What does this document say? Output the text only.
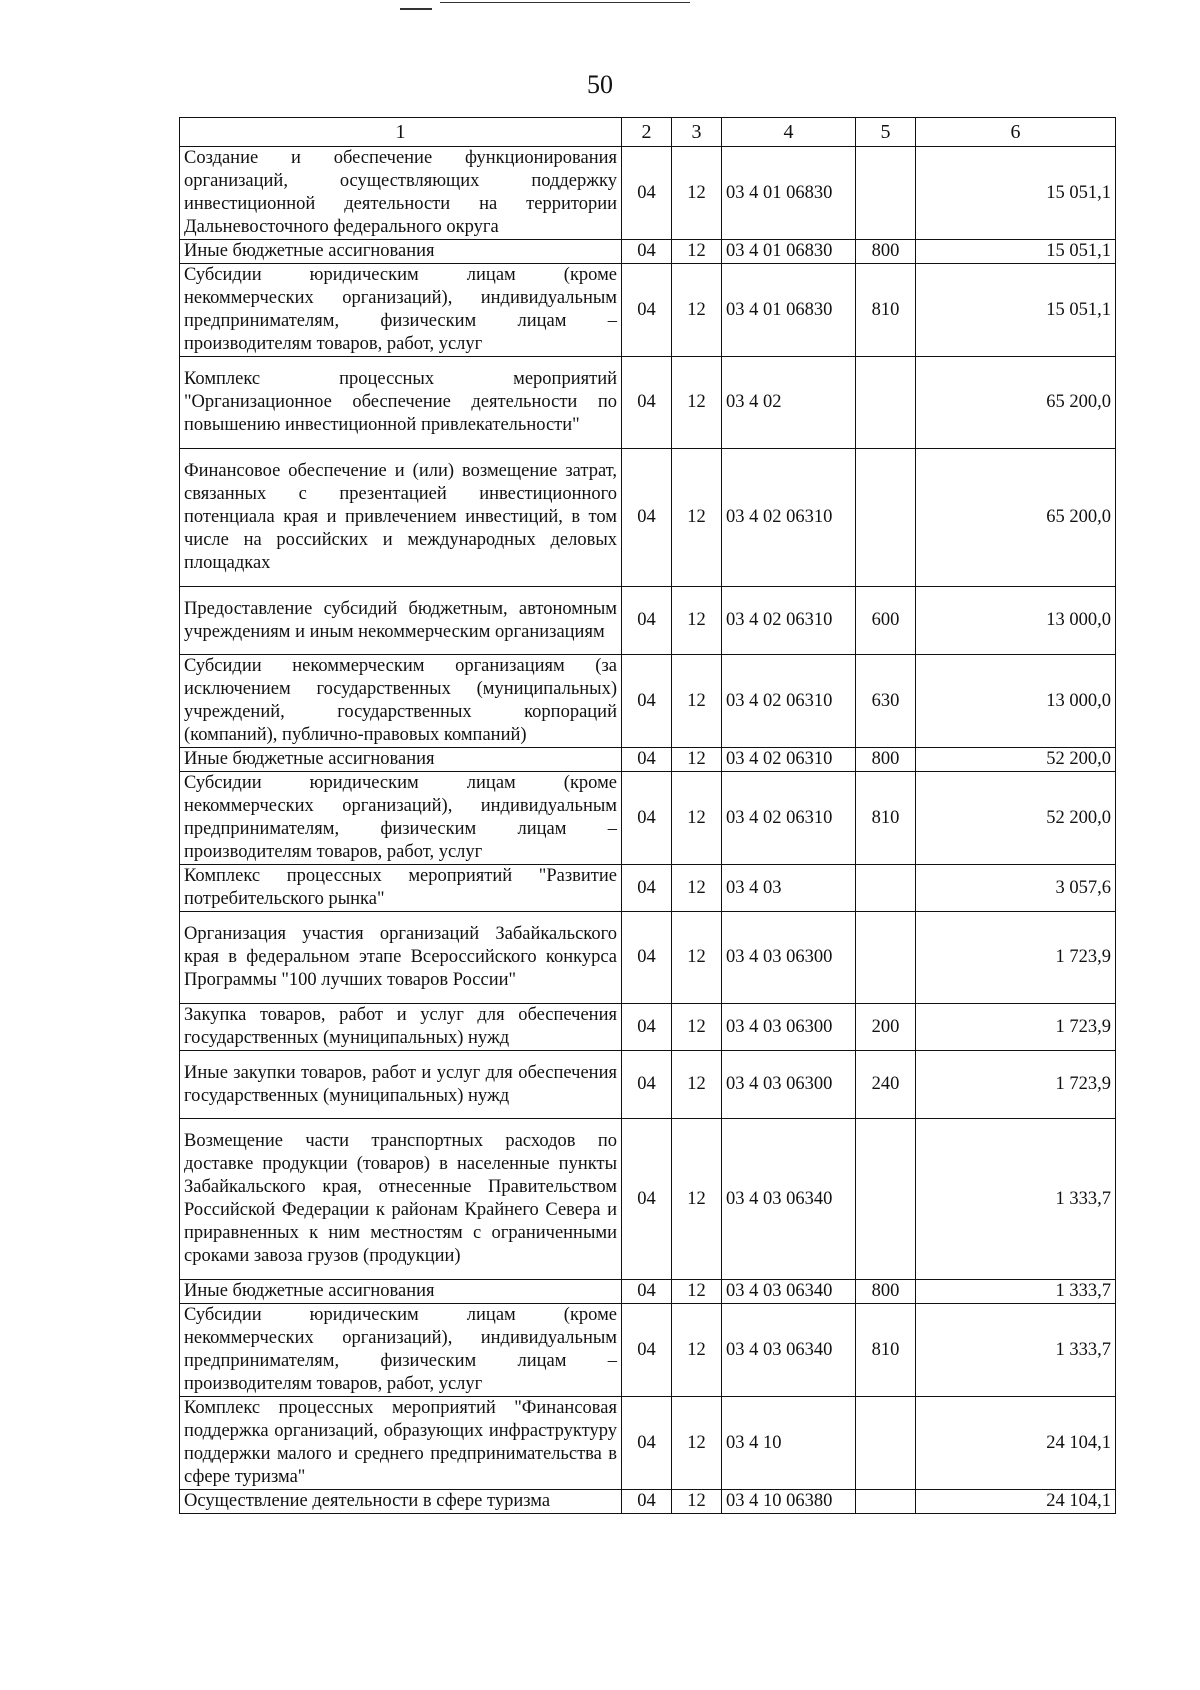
50
1	2	3	4	5	6
Создание и обеспечение функционирования организаций, осуществляющих поддержку инвестиционной деятельности на территории Дальневосточного федерального округа	04	12	03 4 01 06830		15 051,1
Иные бюджетные ассигнования	04	12	03 4 01 06830	800	15 051,1
Субсидии юридическим лицам (кроме некоммерческих организаций), индивидуальным предпринимателям, физическим лицам – производителям товаров, работ, услуг	04	12	03 4 01 06830	810	15 051,1
Комплекс процессных мероприятий "Организационное обеспечение деятельности по повышению инвестиционной привлекательности"	04	12	03 4 02		65 200,0
Финансовое обеспечение и (или) возмещение затрат, связанных с презентацией инвестиционного потенциала края и привлечением инвестиций, в том числе на российских и международных деловых площадках	04	12	03 4 02 06310		65 200,0
Предоставление субсидий бюджетным, автономным учреждениям и иным некоммерческим организациям	04	12	03 4 02 06310	600	13 000,0
Субсидии некоммерческим организациям (за исключением государственных (муниципальных) учреждений, государственных корпораций (компаний), публично-правовых компаний)	04	12	03 4 02 06310	630	13 000,0
Иные бюджетные ассигнования	04	12	03 4 02 06310	800	52 200,0
Субсидии юридическим лицам (кроме некоммерческих организаций), индивидуальным предпринимателям, физическим лицам – производителям товаров, работ, услуг	04	12	03 4 02 06310	810	52 200,0
Комплекс процессных мероприятий "Развитие потребительского рынка"	04	12	03 4 03		3 057,6
Организация участия организаций Забайкальского края в федеральном этапе Всероссийского конкурса Программы "100 лучших товаров России"	04	12	03 4 03 06300		1 723,9
Закупка товаров, работ и услуг для обеспечения государственных (муниципальных) нужд	04	12	03 4 03 06300	200	1 723,9
Иные закупки товаров, работ и услуг для обеспечения государственных (муниципальных) нужд	04	12	03 4 03 06300	240	1 723,9
Возмещение части транспортных расходов по доставке продукции (товаров) в населенные пункты Забайкальского края, отнесенные Правительством Российской Федерации к районам Крайнего Севера и приравненных к ним местностям с ограниченными сроками завоза грузов (продукции)	04	12	03 4 03 06340		1 333,7
Иные бюджетные ассигнования	04	12	03 4 03 06340	800	1 333,7
Субсидии юридическим лицам (кроме некоммерческих организаций), индивидуальным предпринимателям, физическим лицам – производителям товаров, работ, услуг	04	12	03 4 03 06340	810	1 333,7
Комплекс процессных мероприятий "Финансовая поддержка организаций, образующих инфраструктуру поддержки малого и среднего предпринимательства в сфере туризма"	04	12	03 4 10		24 104,1
Осуществление деятельности в сфере туризма	04	12	03 4 10 06380		24 104,1
